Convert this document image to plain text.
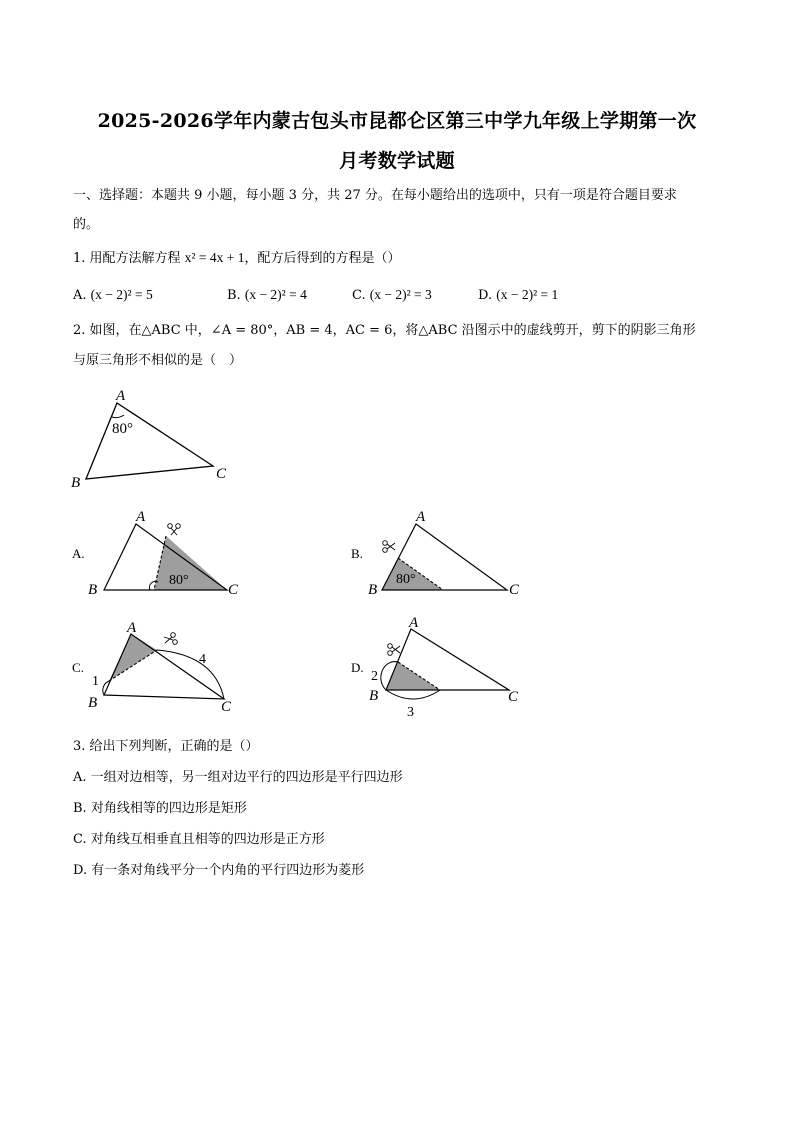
2025-2026学年内蒙古包头市昆都仑区第三中学九年级上学期第一次
月考数学试题
一、选择题：本题共 9 小题，每小题 3 分，共 27 分。在每小题给出的选项中，只有一项是符合题目要求
的。
1. 用配方法解方程 x² = 4x + 1，配方后得到的方程是（）
A. (x − 2)² = 5	B. (x − 2)² = 4	C. (x − 2)² = 3	D. (x − 2)² = 1
2. 如图，在△ABC 中，∠A = 80°，AB = 4，AC = 6，将△ABC 沿图示中的虚线剪开，剪下的阴影三角形
与原三角形不相似的是（　）
A
B
C
80°
A
B	C
80°
A.
A
B	C
80°
B.
A
B	C
1
4
C.
A
B	C
2
3
D.
3. 给出下列判断，正确的是（）
A. 一组对边相等，另一组对边平行的四边形是平行四边形
B. 对角线相等的四边形是矩形
C. 对角线互相垂直且相等的四边形是正方形
D. 有一条对角线平分一个内角的平行四边形为菱形
